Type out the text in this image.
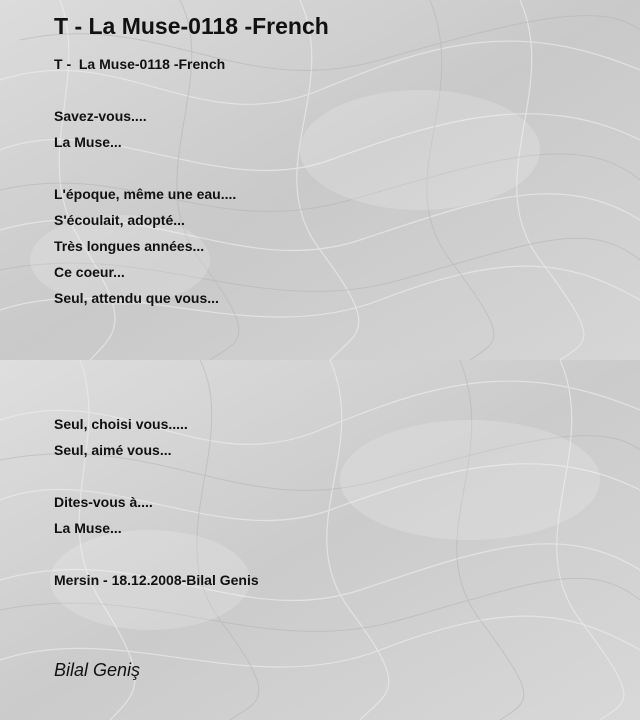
T - La Muse-0118 -French
T -  La Muse-0118 -French
Savez-vous....
La Muse...
L'époque, même une eau....
S'écoulait, adopté...
Très longues années...
Ce coeur...
Seul, attendu que vous...
Seul, choisi vous.....
Seul, aimé vous...
Dites-vous à....
La Muse...
Mersin - 18.12.2008-Bilal Genis
Bilal Geniş
